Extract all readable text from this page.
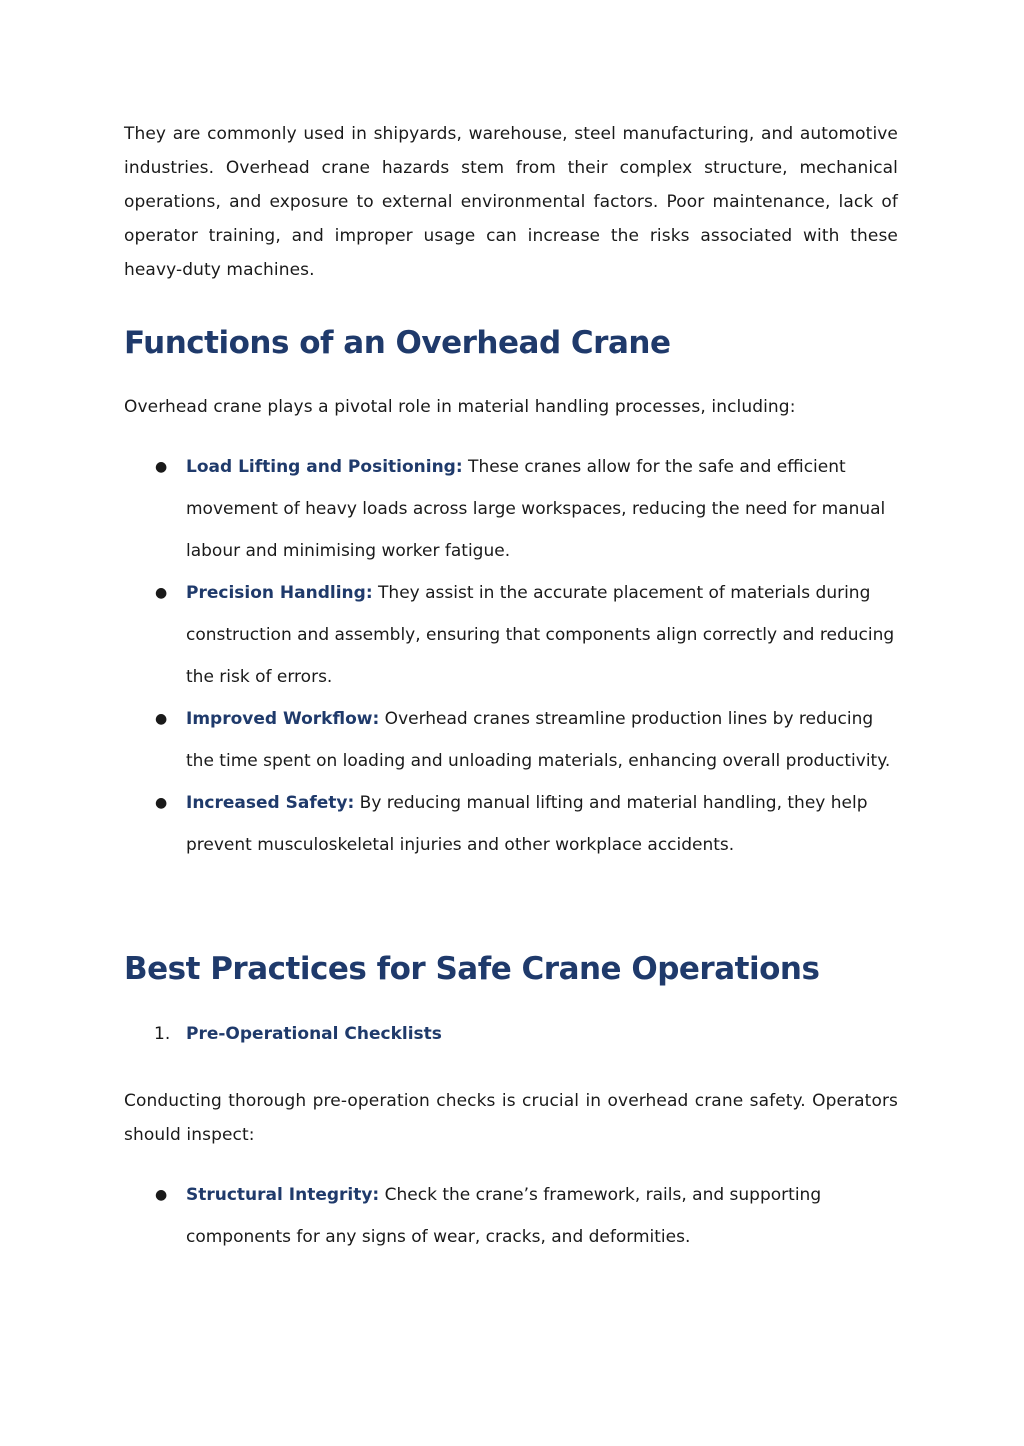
They are commonly used in shipyards, warehouse, steel manufacturing, and automotive industries. Overhead crane hazards stem from their complex structure, mechanical operations, and exposure to external environmental factors. Poor maintenance, lack of operator training, and improper usage can increase the risks associated with these heavy-duty machines.

Functions of an Overhead Crane

Overhead crane plays a pivotal role in material handling processes, including:

● Load Lifting and Positioning: These cranes allow for the safe and efficient movement of heavy loads across large workspaces, reducing the need for manual labour and minimising worker fatigue.
● Precision Handling: They assist in the accurate placement of materials during construction and assembly, ensuring that components align correctly and reducing the risk of errors.
● Improved Workflow: Overhead cranes streamline production lines by reducing the time spent on loading and unloading materials, enhancing overall productivity.
● Increased Safety: By reducing manual lifting and material handling, they help prevent musculoskeletal injuries and other workplace accidents.
Best Practices for Safe Crane Operations
1. Pre-Operational Checklists

Conducting thorough pre-operation checks is crucial in overhead crane safety. Operators should inspect:

● Structural Integrity: Check the crane’s framework, rails, and supporting components for any signs of wear, cracks, and deformities.
